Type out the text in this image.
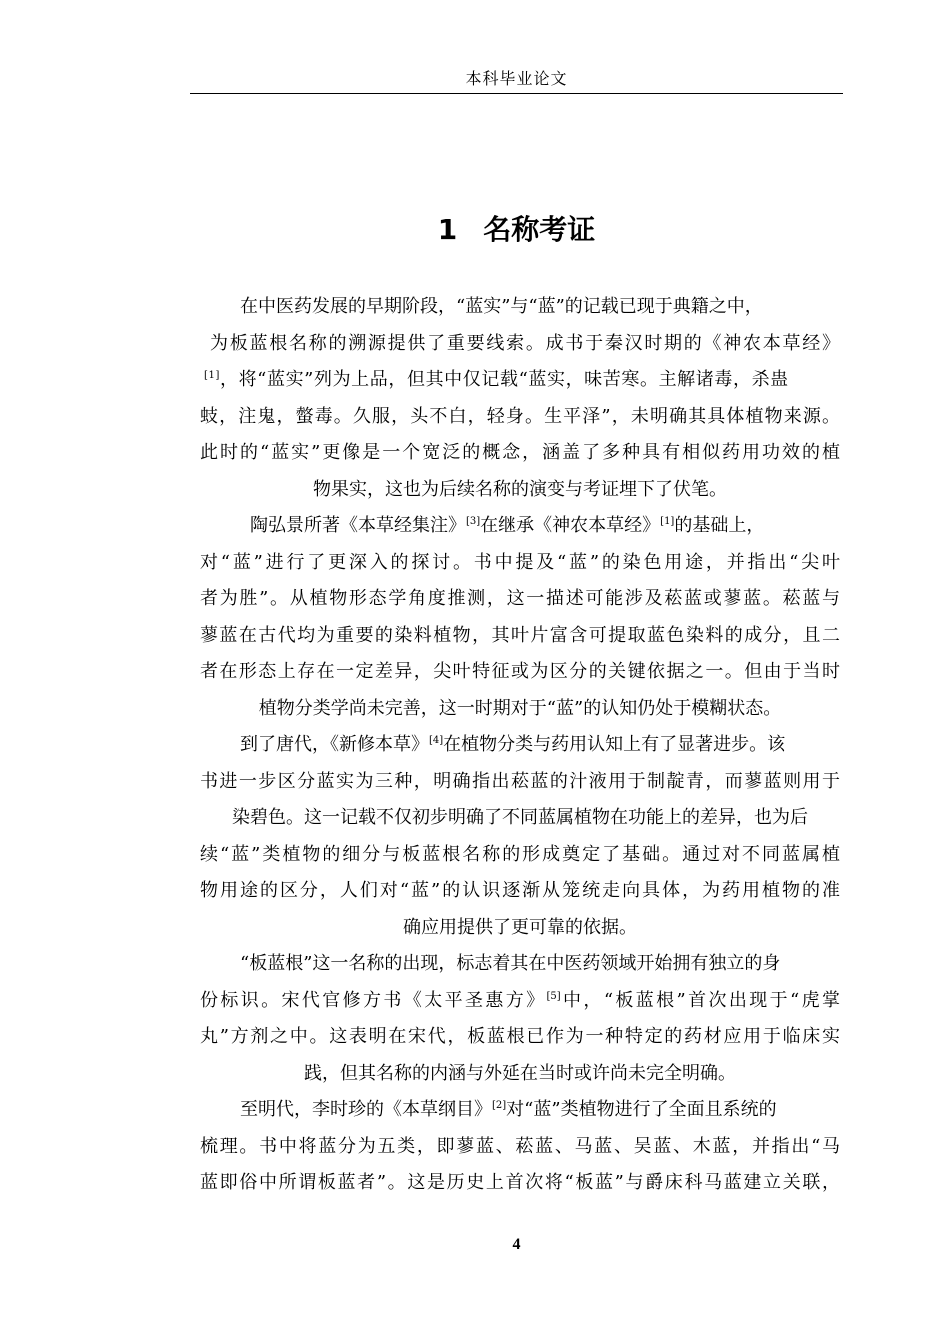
本科毕业论文
1 名称考证
在中医药发展的早期阶段，“蓝实”与“蓝”的记载已现于典籍之中，
为板蓝根名称的溯源提供了重要线索。成书于秦汉时期的《神农本草经》
[1]，将“蓝实”列为上品，但其中仅记载“蓝实，味苦寒。主解诸毒，杀蛊
蚑，注鬼，螫毒。久服，头不白，轻身。生平泽”，未明确其具体植物来源。
此时的“蓝实”更像是一个宽泛的概念，涵盖了多种具有相似药用功效的植
物果实，这也为后续名称的演变与考证埋下了伏笔。
陶弘景所著《本草经集注》[3]在继承《神农本草经》[1]的基础上，
对“蓝”进行了更深入的探讨。书中提及“蓝”的染色用途，并指出“尖叶
者为胜”。从植物形态学角度推测，这一描述可能涉及菘蓝或蓼蓝。菘蓝与
蓼蓝在古代均为重要的染料植物，其叶片富含可提取蓝色染料的成分，且二
者在形态上存在一定差异，尖叶特征或为区分的关键依据之一。但由于当时
植物分类学尚未完善，这一时期对于“蓝”的认知仍处于模糊状态。
到了唐代，《新修本草》[4]在植物分类与药用认知上有了显著进步。该
书进一步区分蓝实为三种，明确指出菘蓝的汁液用于制靛青，而蓼蓝则用于
染碧色。这一记载不仅初步明确了不同蓝属植物在功能上的差异，也为后
续“蓝”类植物的细分与板蓝根名称的形成奠定了基础。通过对不同蓝属植
物用途的区分，人们对“蓝”的认识逐渐从笼统走向具体，为药用植物的准
确应用提供了更可靠的依据。
“板蓝根”这一名称的出现，标志着其在中医药领域开始拥有独立的身
份标识。宋代官修方书《太平圣惠方》[5]中，“板蓝根”首次出现于“虎掌
丸”方剂之中。这表明在宋代，板蓝根已作为一种特定的药材应用于临床实
践，但其名称的内涵与外延在当时或许尚未完全明确。
至明代，李时珍的《本草纲目》[2]对“蓝”类植物进行了全面且系统的
梳理。书中将蓝分为五类，即蓼蓝、菘蓝、马蓝、吴蓝、木蓝，并指出“马
蓝即俗中所谓板蓝者”。这是历史上首次将“板蓝”与爵床科马蓝建立关联，
4
